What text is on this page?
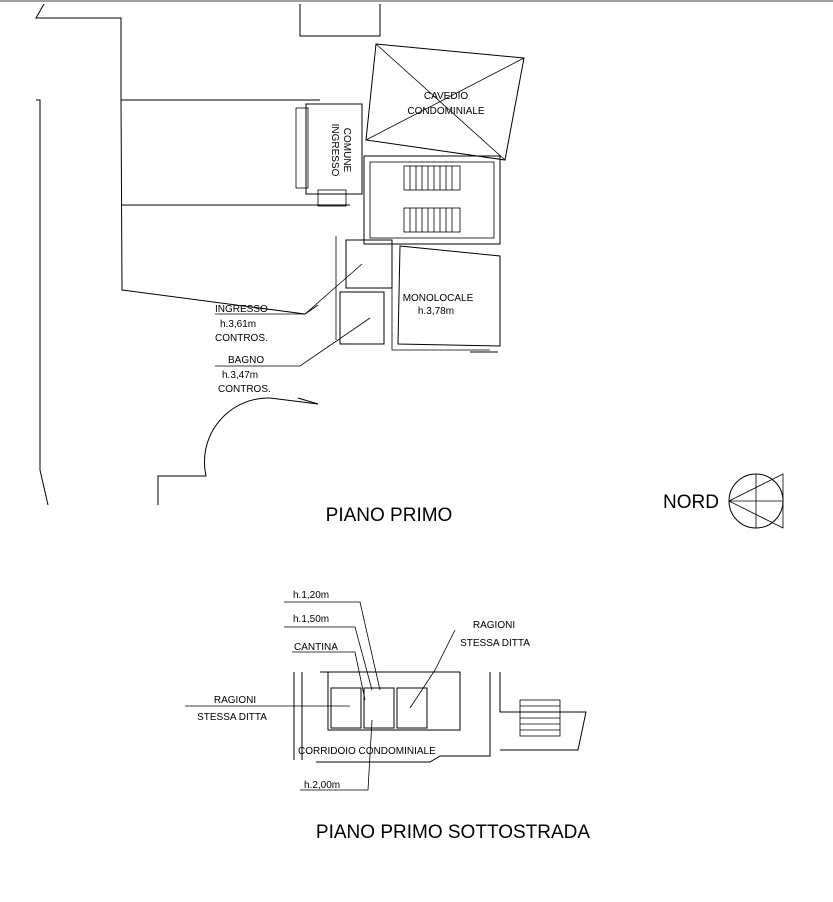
CAVEDIO
CONDOMINIALE
INGRESSO COMUNE
INGRESSO
h.3,61m
CONTROS.
BAGNO
h.3,47m
CONTROS.
MONOLOCALE
h.3,78m
PIANO PRIMO
NORD
h.1,20m
h.1,50m
CANTINA
RAGIONI
STESSA DITTA
RAGIONI
STESSA DITTA
CORRIDOIO CONDOMINIALE
h.2,00m
PIANO PRIMO SOTTOSTRADA
